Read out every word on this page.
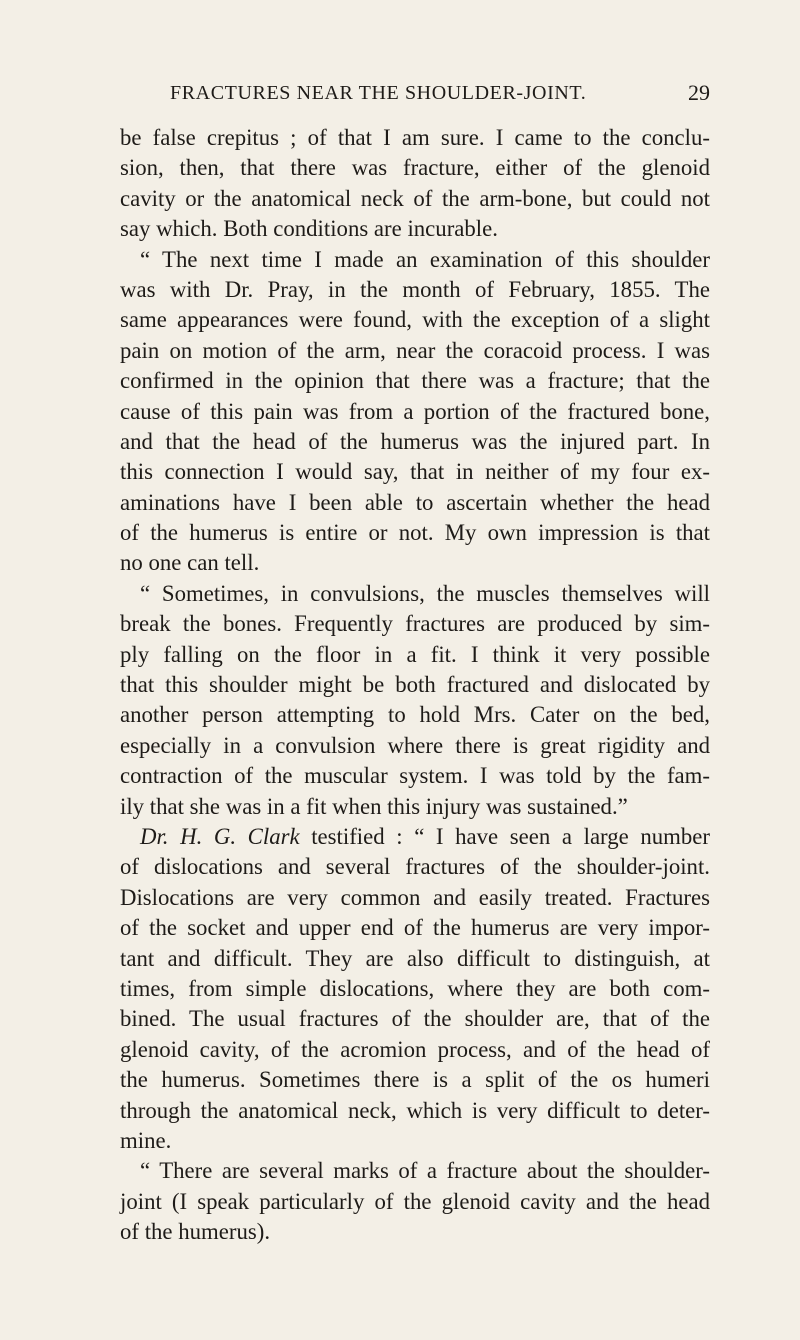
FRACTURES NEAR THE SHOULDER-JOINT.	29
be false crepitus ; of that I am sure. I came to the conclu-
sion, then, that there was fracture, either of the glenoid
cavity or the anatomical neck of the arm-bone, but could not
say which. Both conditions are incurable.
“ The next time I made an examination of this shoulder
was with Dr. Pray, in the month of February, 1855. The
same appearances were found, with the exception of a slight
pain on motion of the arm, near the coracoid process. I was
confirmed in the opinion that there was a fracture; that the
cause of this pain was from a portion of the fractured bone,
and that the head of the humerus was the injured part. In
this connection I would say, that in neither of my four ex-
aminations have I been able to ascertain whether the head
of the humerus is entire or not. My own impression is that
no one can tell.
“ Sometimes, in convulsions, the muscles themselves will
break the bones. Frequently fractures are produced by sim-
ply falling on the floor in a fit. I think it very possible
that this shoulder might be both fractured and dislocated by
another person attempting to hold Mrs. Cater on the bed,
especially in a convulsion where there is great rigidity and
contraction of the muscular system. I was told by the fam-
ily that she was in a fit when this injury was sustained.”
Dr. H. G. Clark testified : “ I have seen a large number
of dislocations and several fractures of the shoulder-joint.
Dislocations are very common and easily treated. Fractures
of the socket and upper end of the humerus are very impor-
tant and difficult. They are also difficult to distinguish, at
times, from simple dislocations, where they are both com-
bined. The usual fractures of the shoulder are, that of the
glenoid cavity, of the acromion process, and of the head of
the humerus. Sometimes there is a split of the os humeri
through the anatomical neck, which is very difficult to deter-
mine.
“ There are several marks of a fracture about the shoulder-
joint (I speak particularly of the glenoid cavity and the head
of the humerus).
